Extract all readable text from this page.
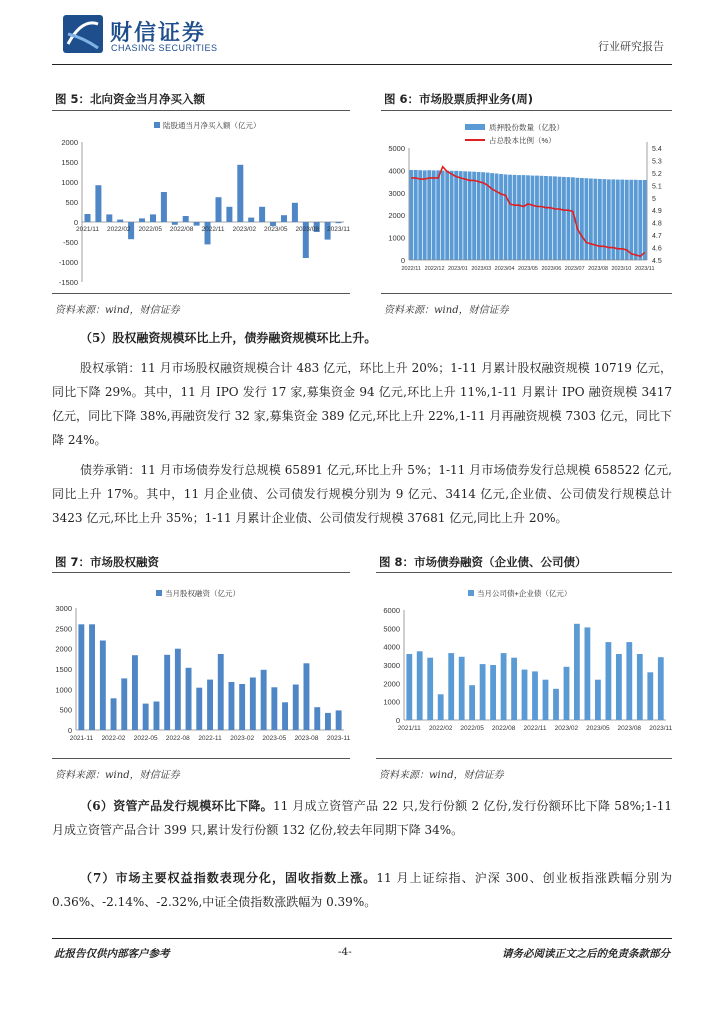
财信证券
CHASING SECURITIES	行业研究报告
图 5：北向资金当月净买入额
-1500
-1000
-500
0
500
1000
1500
2000
2021/11 2022/02 2022/05 2022/08 2022/11 2023/02 2023/05 2023/08 2023/11
陆股通当月净买入额（亿元）
资料来源：wind，财信证券
图 6：市场股票质押业务(周)
0
1000
2000
3000
4000
5000
4.5
4.6
4.7
4.8
4.9
5
5.1
5.2
5.3
5.4
2022/11 2022/12 2023/01 2023/03 2023/04 2023/05 2023/06 2023/07 2023/08 2023/10 2023/11
质押股份数量（亿股）
占总股本比例（%）
资料来源：wind，财信证券

（5）股权融资规模环比上升，债券融资规模环比上升。

股权承销：11 月市场股权融资规模合计 483 亿元，环比上升 20%；1-11 月累计股权融资规模 10719 亿元，同比下降 29%。其中，11 月 IPO 发行 17 家,募集资金 94 亿元,环比上升 11%,1-11 月累计 IPO 融资规模 3417 亿元，同比下降 38%,再融资发行 32 家,募集资金 389 亿元,环比上升 22%,1-11 月再融资规模 7303 亿元，同比下降 24%。

债券承销：11 月市场债券发行总规模 65891 亿元,环比上升 5%；1-11 月市场债券发行总规模 658522 亿元,同比上升 17%。其中，11 月企业债、公司债发行规模分别为 9 亿元、3414 亿元,企业债、公司债发行规模总计 3423 亿元,环比上升 35%；1-11 月累计企业债、公司债发行规模 37681 亿元,同比上升 20%。

图 7：市场股权融资
0
500
1000
1500
2000
2500
3000
2021-11 2022-02 2022-05 2022-08 2022-11 2023-02 2023-05 2023-08 2023-11
当月股权融资（亿元）
资料来源：wind，财信证券
图 8：市场债券融资（企业债、公司债）
0
1000
2000
3000
4000
5000
6000
2021/11 2022/02 2022/05 2022/08 2022/11 2023/02 2023/05 2023/08 2023/11
当月公司债+企业债（亿元）
资料来源：wind，财信证券

（6）资管产品发行规模环比下降。11 月成立资管产品 22 只,发行份额 2 亿份,发行份额环比下降 58%;1-11 月成立资管产品合计 399 只,累计发行份额 132 亿份,较去年同期下降 34%。

（7）市场主要权益指数表现分化，固收指数上涨。11 月上证综指、沪深 300、创业板指涨跌幅分别为 0.36%、-2.14%、-2.32%,中证全债指数涨跌幅为 0.39%。

此报告仅供内部客户参考	-4-	请务必阅读正文之后的免责条款部分
